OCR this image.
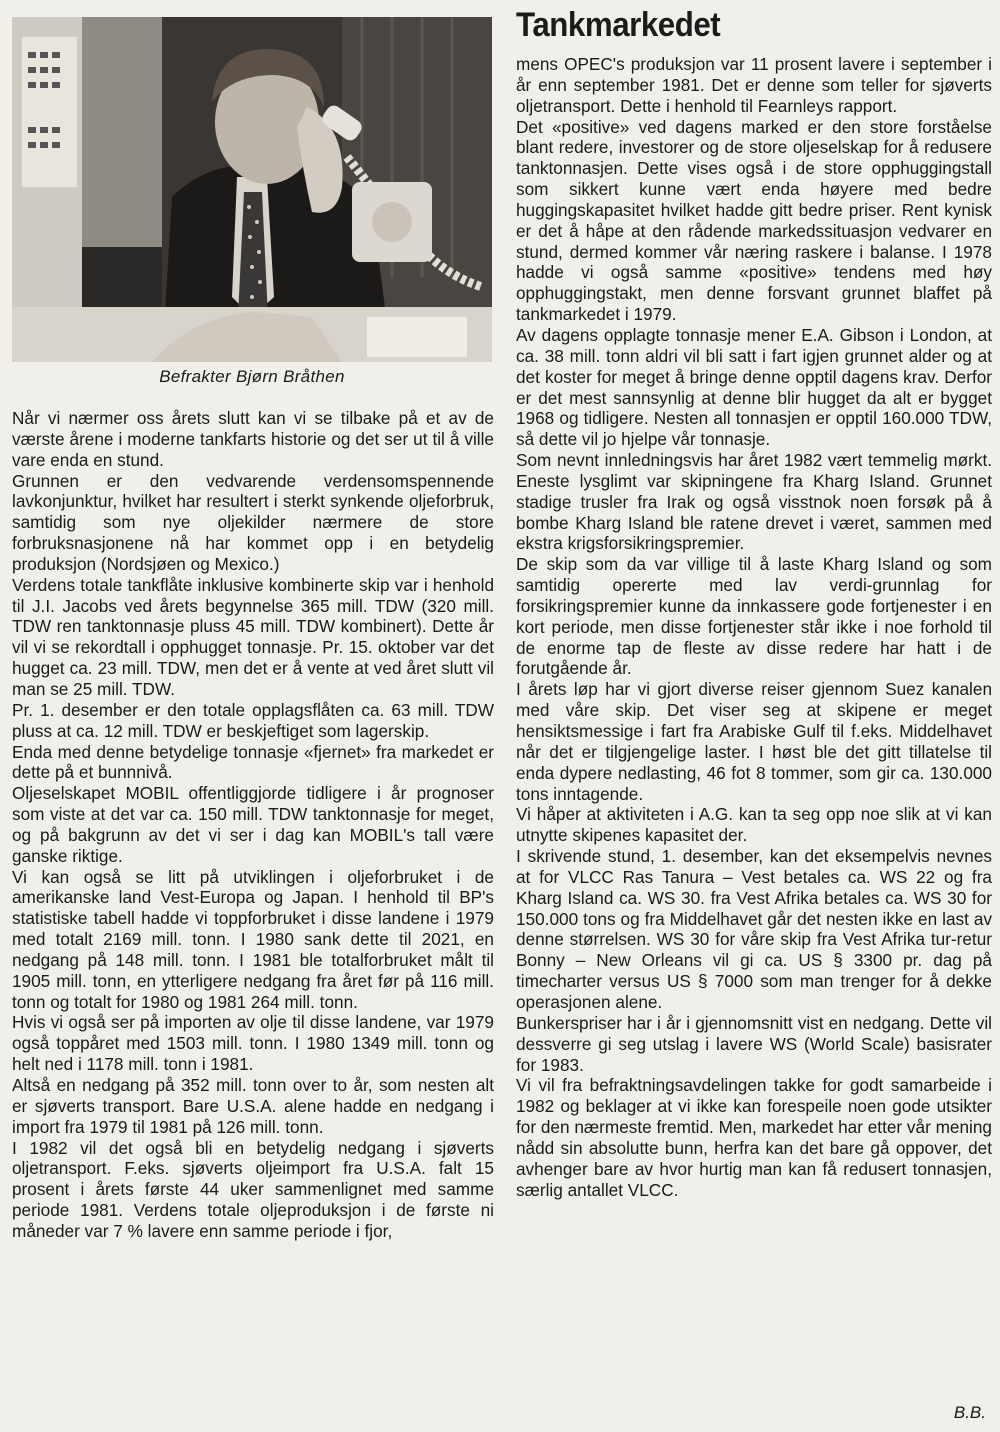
Befrakter Bjørn Bråthen
Tankmarkedet

Når vi nærmer oss årets slutt kan vi se tilbake på et av de værste årene i moderne tankfarts historie og det ser ut til å ville vare enda en stund.

Grunnen er den vedvarende verdensomspennende lavkonjunktur, hvilket har resultert i sterkt synkende oljeforbruk, samtidig som nye oljekilder nærmere de store forbruksnasjonene nå har kommet opp i en betydelig produksjon (Nordsjøen og Mexico.)

Verdens totale tankflåte inklusive kombinerte skip var i henhold til J.I. Jacobs ved årets begynnelse 365 mill. TDW (320 mill. TDW ren tanktonnasje pluss 45 mill. TDW kombinert). Dette år vil vi se rekordtall i opphugget tonnasje. Pr. 15. oktober var det hugget ca. 23 mill. TDW, men det er å vente at ved året slutt vil man se 25 mill. TDW.

Pr. 1. desember er den totale opplagsflåten ca. 63 mill. TDW pluss at ca. 12 mill. TDW er beskjeftiget som lagerskip.

Enda med denne betydelige tonnasje «fjernet» fra markedet er dette på et bunnnivå.

Oljeselskapet MOBIL offentliggjorde tidligere i år prognoser som viste at det var ca. 150 mill. TDW tanktonnasje for meget, og på bakgrunn av det vi ser i dag kan MOBIL's tall være ganske riktige.

Vi kan også se litt på utviklingen i oljeforbruket i de amerikanske land Vest-Europa og Japan. I henhold til BP's statistiske tabell hadde vi toppforbruket i disse landene i 1979 med totalt 2169 mill. tonn. I 1980 sank dette til 2021, en nedgang på 148 mill. tonn. I 1981 ble totalforbruket målt til 1905 mill. tonn, en ytterligere nedgang fra året før på 116 mill. tonn og totalt for 1980 og 1981 264 mill. tonn.

Hvis vi også ser på importen av olje til disse landene, var 1979 også toppåret med 1503 mill. tonn. I 1980 1349 mill. tonn og helt ned i 1178 mill. tonn i 1981.

Altså en nedgang på 352 mill. tonn over to år, som nesten alt er sjøverts transport. Bare U.S.A. alene hadde en nedgang i import fra 1979 til 1981 på 126 mill. tonn.

I 1982 vil det også bli en betydelig nedgang i sjøverts oljetransport. F.eks. sjøverts oljeimport fra U.S.A. falt 15 prosent i årets første 44 uker sammenlignet med samme periode 1981. Verdens totale oljeproduksjon i de første ni måneder var 7 % lavere enn samme periode i fjor,

mens OPEC's produksjon var 11 prosent lavere i september i år enn september 1981. Det er denne som teller for sjøverts oljetransport. Dette i henhold til Fearnleys rapport.

Det «positive» ved dagens marked er den store forståelse blant redere, investorer og de store oljeselskap for å redusere tanktonnasjen. Dette vises også i de store opphuggingstall som sikkert kunne vært enda høyere med bedre huggingskapasitet hvilket hadde gitt bedre priser. Rent kynisk er det å håpe at den rådende markedssituasjon vedvarer en stund, dermed kommer vår næring raskere i balanse. I 1978 hadde vi også samme «positive» tendens med høy opphuggingstakt, men denne forsvant grunnet blaffet på tankmarkedet i 1979.

Av dagens opplagte tonnasje mener E.A. Gibson i London, at ca. 38 mill. tonn aldri vil bli satt i fart igjen grunnet alder og at det koster for meget å bringe denne opptil dagens krav. Derfor er det mest sannsynlig at denne blir hugget da alt er bygget 1968 og tidligere. Nesten all tonnasjen er opptil 160.000 TDW, så dette vil jo hjelpe vår tonnasje.

Som nevnt innledningsvis har året 1982 vært temmelig mørkt. Eneste lysglimt var skipningene fra Kharg Island. Grunnet stadige trusler fra Irak og også visstnok noen forsøk på å bombe Kharg Island ble ratene drevet i været, sammen med ekstra krigsforsikringspremier.

De skip som da var villige til å laste Kharg Island og som samtidig opererte med lav verdi-grunnlag for forsikringspremier kunne da innkassere gode fortjenester i en kort periode, men disse fortjenester står ikke i noe forhold til de enorme tap de fleste av disse redere har hatt i de forutgående år.

I årets løp har vi gjort diverse reiser gjennom Suez kanalen med våre skip. Det viser seg at skipene er meget hensiktsmessige i fart fra Arabiske Gulf til f.eks. Middelhavet når det er tilgjengelige laster. I høst ble det gitt tillatelse til enda dypere nedlasting, 46 fot 8 tommer, som gir ca. 130.000 tons inntagende.

Vi håper at aktiviteten i A.G. kan ta seg opp noe slik at vi kan utnytte skipenes kapasitet der.

I skrivende stund, 1. desember, kan det eksempelvis nevnes at for VLCC Ras Tanura – Vest betales ca. WS 22 og fra Kharg Island ca. WS 30. fra Vest Afrika betales ca. WS 30 for 150.000 tons og fra Middelhavet går det nesten ikke en last av denne størrelsen. WS 30 for våre skip fra Vest Afrika tur-retur Bonny – New Orleans vil gi ca. US § 3300 pr. dag på timecharter versus US § 7000 som man trenger for å dekke operasjonen alene.

Bunkerspriser har i år i gjennomsnitt vist en nedgang. Dette vil dessverre gi seg utslag i lavere WS (World Scale) basisrater for 1983.

Vi vil fra befraktningsavdelingen takke for godt samarbeide i 1982 og beklager at vi ikke kan forespeile noen gode utsikter for den nærmeste fremtid. Men, markedet har etter vår mening nådd sin absolutte bunn, herfra kan det bare gå oppover, det avhenger bare av hvor hurtig man kan få redusert tonnasjen, særlig antallet VLCC.

B.B.
